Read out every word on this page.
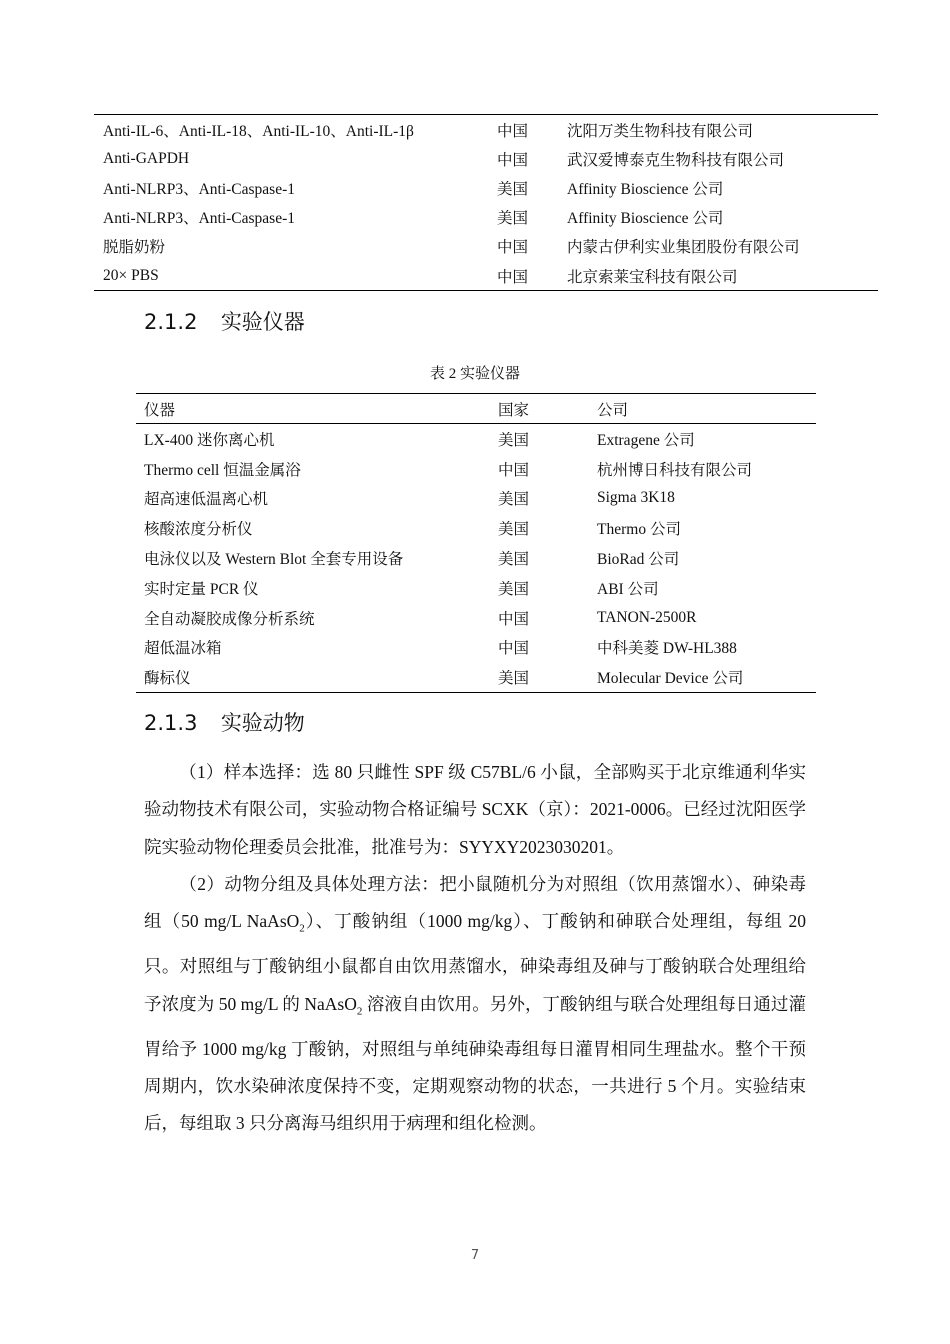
Anti-IL-6、Anti-IL-18、Anti-IL-10、Anti-IL-1β	中国	沈阳万类生物科技有限公司
Anti-GAPDH	中国	武汉爱博泰克生物科技有限公司
Anti-NLRP3、Anti-Caspase-1	美国	Affinity Bioscience 公司
Anti-NLRP3、Anti-Caspase-1	美国	Affinity Bioscience 公司
脱脂奶粉	中国	内蒙古伊利实业集团股份有限公司
20× PBS	中国	北京索莱宝科技有限公司
2.1.2 实验仪器
表 2 实验仪器
仪器	国家	公司
LX-400 迷你离心机	美国	Extragene 公司
Thermo cell 恒温金属浴	中国	杭州博日科技有限公司
超高速低温离心机	美国	Sigma 3K18
核酸浓度分析仪	美国	Thermo 公司
电泳仪以及 Western Blot 全套专用设备	美国	BioRad 公司
实时定量 PCR 仪	美国	ABI 公司
全自动凝胶成像分析系统	中国	TANON-2500R
超低温冰箱	中国	中科美菱 DW-HL388
酶标仪	美国	Molecular Device 公司
2.1.3 实验动物

（1）样本选择：选 80 只雌性 SPF 级 C57BL/6 小鼠，全部购买于北京维通利华实验动物技术有限公司，实验动物合格证编号 SCXK（京）：2021-0006。已经过沈阳医学院实验动物伦理委员会批准，批准号为：SYYXY2023030201。

（2）动物分组及具体处理方法：把小鼠随机分为对照组（饮用蒸馏水）、砷染毒组（50 mg/L NaAsO$_2$）、丁酸钠组（1000 mg/kg）、丁酸钠和砷联合处理组，每组 20 只。对照组与丁酸钠组小鼠都自由饮用蒸馏水，砷染毒组及砷与丁酸钠联合处理组给予浓度为 50 mg/L 的 NaAsO$_2$ 溶液自由饮用。另外，丁酸钠组与联合处理组每日通过灌胃给予 1000 mg/kg 丁酸钠，对照组与单纯砷染毒组每日灌胃相同生理盐水。整个干预周期内，饮水染砷浓度保持不变，定期观察动物的状态，一共进行 5 个月。实验结束后，每组取 3 只分离海马组织用于病理和组化检测。

7
